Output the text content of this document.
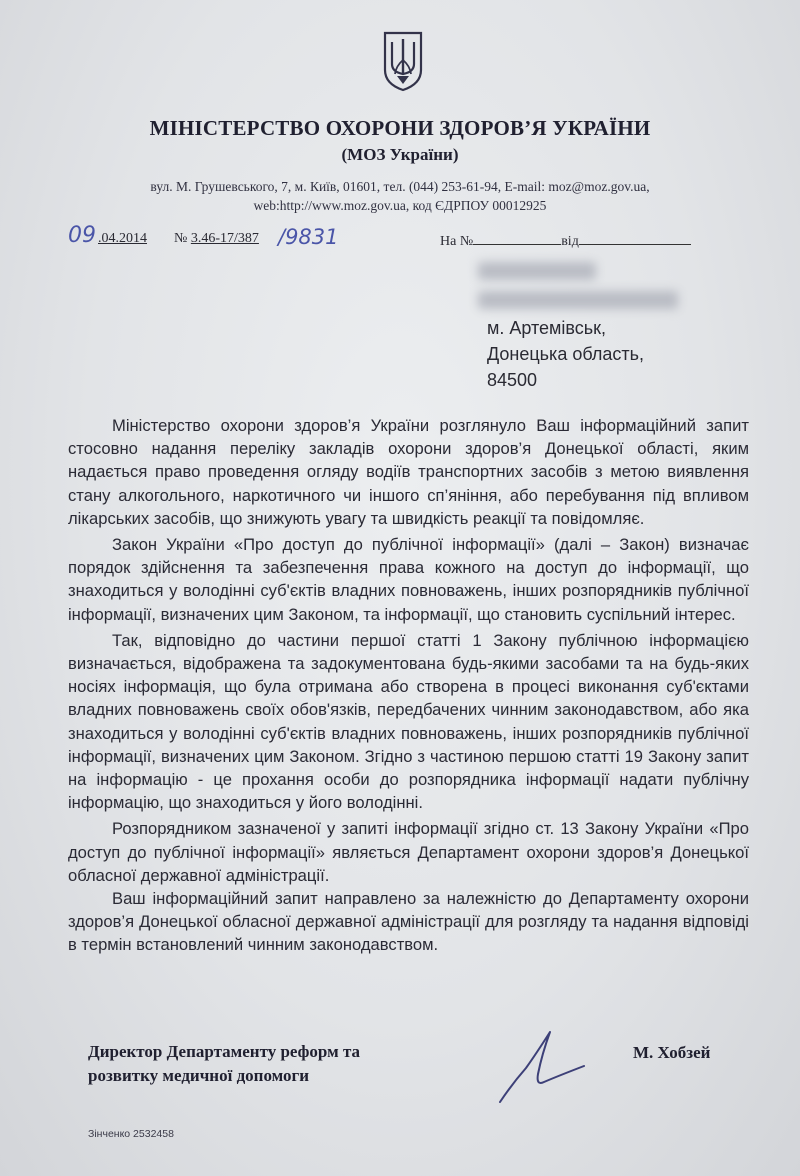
МІНІСТЕРСТВО ОХОРОНИ ЗДОРОВ’Я УКРАЇНИ
(МОЗ України)
вул. М. Грушевського, 7, м. Київ, 01601, тел. (044) 253-61-94, E-mail: moz@moz.gov.ua,
web:http://www.moz.gov.ua, код ЄДРПОУ 00012925
09 .04.2014 № 3.46-17/387 /9831	На №	від
м. Артемівськ,
Донецька область,
84500

Міністерство охорони здоров’я України розглянуло Ваш інформаційний запит стосовно надання переліку закладів охорони здоров’я Донецької області, яким надається право проведення огляду водіїв транспортних засобів з метою виявлення стану алкогольного, наркотичного чи іншого сп’яніння, або перебування під впливом лікарських засобів, що знижують увагу та швидкість реакції та повідомляє.

Закон України «Про доступ до публічної інформації» (далі – Закон) визначає порядок здійснення та забезпечення права кожного на доступ до інформації, що знаходиться у володінні суб'єктів владних повноважень, інших розпорядників публічної інформації, визначених цим Законом, та інформації, що становить суспільний інтерес.

Так, відповідно до частини першої статті 1 Закону публічною інформацією визначається, відображена та задокументована будь-якими засобами та на будь-яких носіях інформація, що була отримана або створена в процесі виконання суб'єктами владних повноважень своїх обов'язків, передбачених чинним законодавством, або яка знаходиться у володінні суб'єктів владних повноважень, інших розпорядників публічної інформації, визначених цим Законом. Згідно з частиною першою статті 19 Закону запит на інформацію - це прохання особи до розпорядника інформації надати публічну інформацію, що знаходиться у його володінні.

Розпорядником зазначеної у запиті інформації згідно ст. 13 Закону України «Про доступ до публічної інформації» являється Департамент охорони здоров’я Донецької обласної державної адміністрації.

Ваш інформаційний запит направлено за належністю до Департаменту охорони здоров’я Донецької обласної державної адміністрації для розгляду та надання відповіді в термін встановлений чинним законодавством.

Директор Департаменту реформ та
розвитку медичної допомоги
М. Хобзей
Зінченко 2532458
